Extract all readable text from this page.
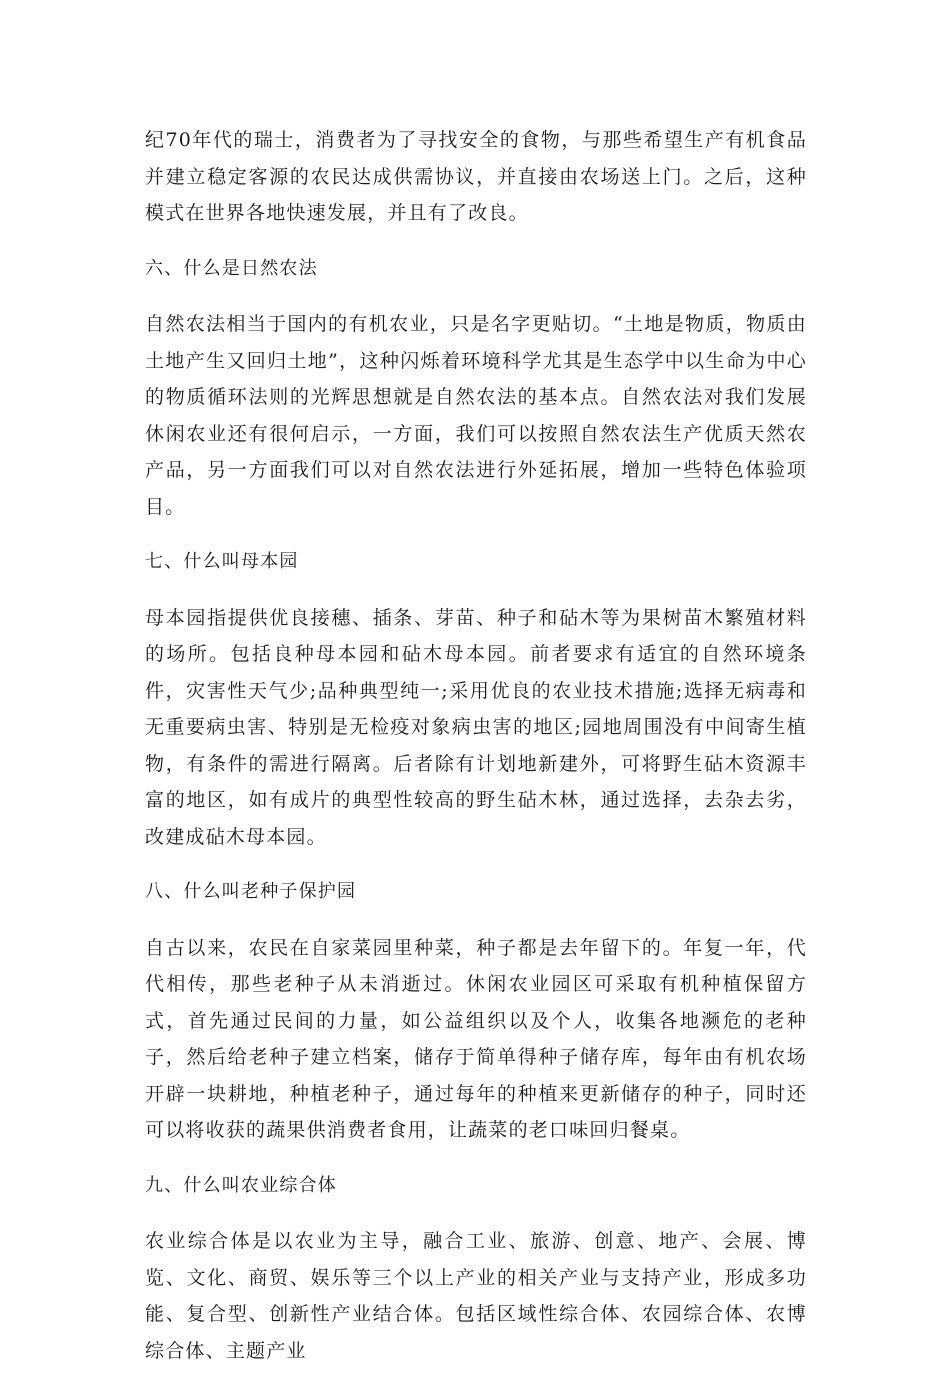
纪70年代的瑞士，消费者为了寻找安全的食物，与那些希望生产有机食品并建立稳定客源的农民达成供需协议，并直接由农场送上门。之后，这种模式在世界各地快速发展，并且有了改良。

六、什么是日然农法

自然农法相当于国内的有机农业，只是名字更贴切。“土地是物质，物质由土地产生又回归土地”，这种闪烁着环境科学尤其是生态学中以生命为中心的物质循环法则的光辉思想就是自然农法的基本点。自然农法对我们发展休闲农业还有很何启示，一方面，我们可以按照自然农法生产优质天然农产品，另一方面我们可以对自然农法进行外延拓展，增加一些特色体验项目。

七、什么叫母本园

母本园指提供优良接穗、插条、芽苗、种子和砧木等为果树苗木繁殖材料的场所。包括良种母本园和砧木母本园。前者要求有适宜的自然环境条件，灾害性天气少;品种典型纯一;采用优良的农业技术措施;选择无病毒和无重要病虫害、特别是无检疫对象病虫害的地区;园地周围没有中间寄生植物，有条件的需进行隔离。后者除有计划地新建外，可将野生砧木资源丰富的地区，如有成片的典型性较高的野生砧木林，通过选择，去杂去劣，改建成砧木母本园。

八、什么叫老种子保护园

自古以来，农民在自家菜园里种菜，种子都是去年留下的。年复一年，代代相传，那些老种子从未消逝过。休闲农业园区可采取有机种植保留方式，首先通过民间的力量，如公益组织以及个人，收集各地濒危的老种子，然后给老种子建立档案，储存于简单得种子储存库，每年由有机农场开辟一块耕地，种植老种子，通过每年的种植来更新储存的种子，同时还可以将收获的蔬果供消费者食用，让蔬菜的老口味回归餐桌。

九、什么叫农业综合体

农业综合体是以农业为主导，融合工业、旅游、创意、地产、会展、博览、文化、商贸、娱乐等三个以上产业的相关产业与支持产业，形成多功能、复合型、创新性产业结合体。包括区域性综合体、农园综合体、农博综合体、主题产业
